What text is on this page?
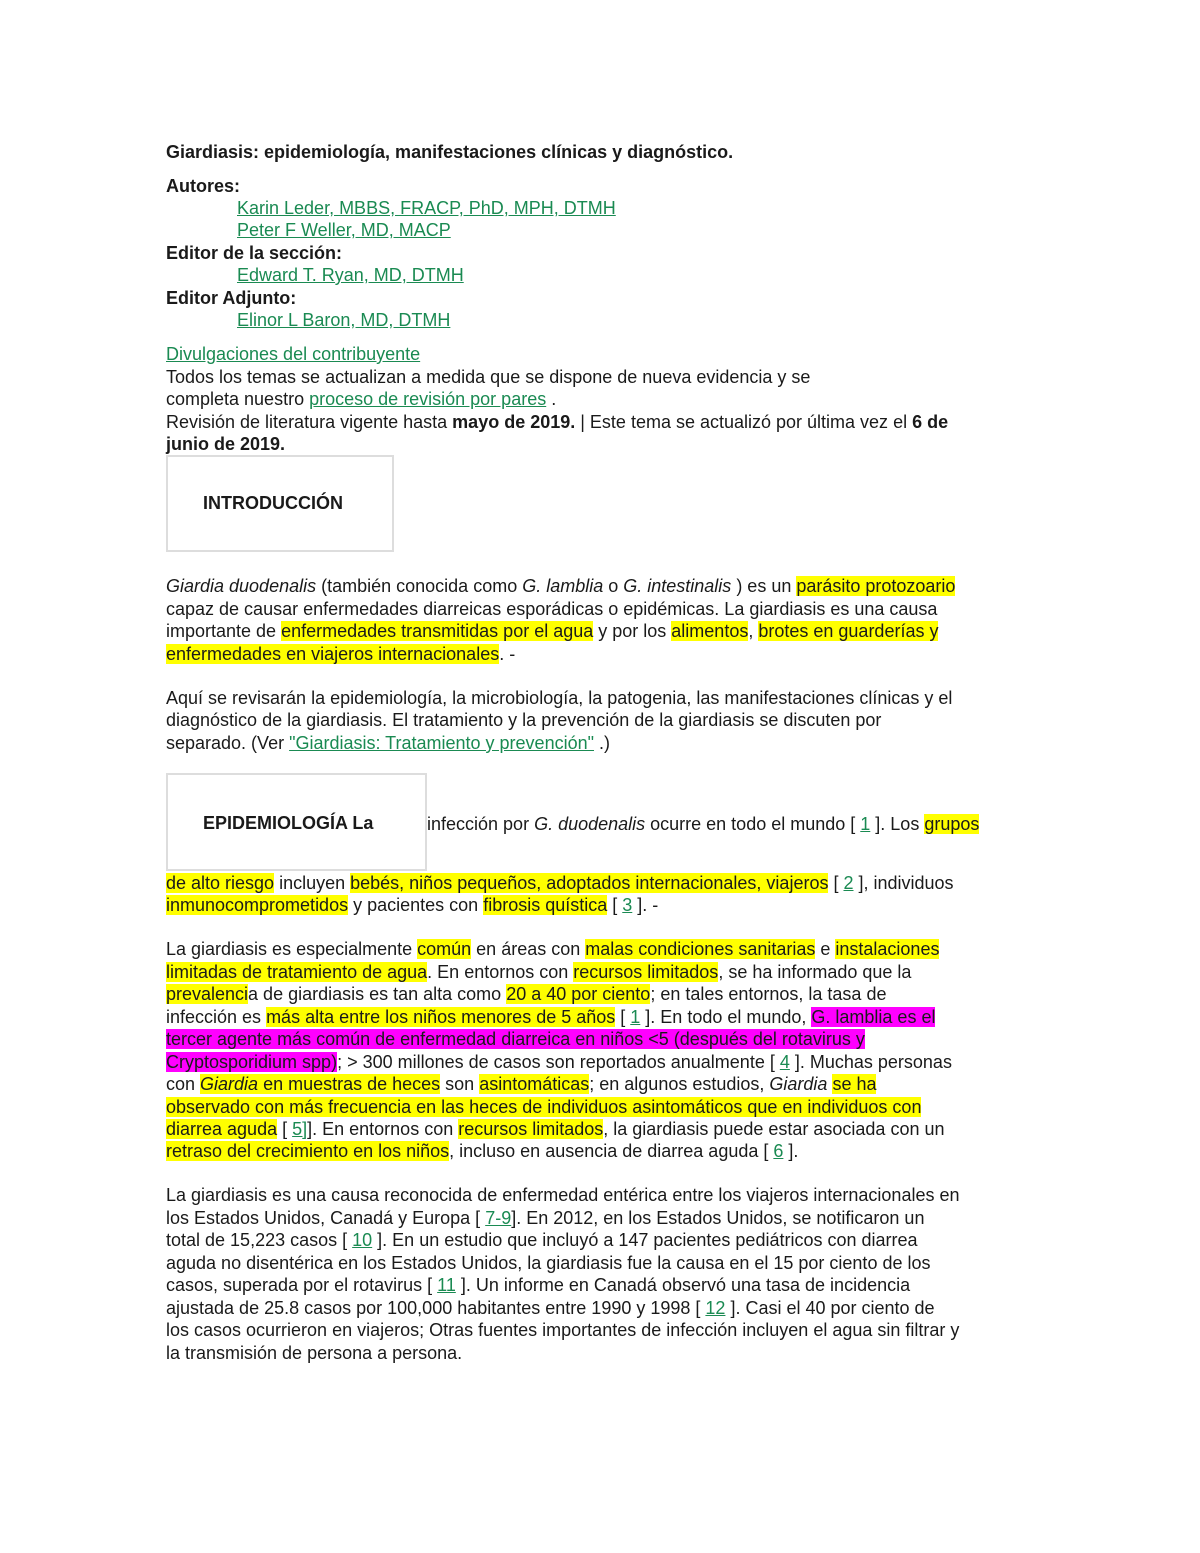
Giardiasis: epidemiología, manifestaciones clínicas y diagnóstico.
Autores:
Karin Leder, MBBS, FRACP, PhD, MPH, DTMH
Peter F Weller, MD, MACP
Editor de la sección:
Edward T. Ryan, MD, DTMH
Editor Adjunto:
Elinor L Baron, MD, DTMH
Divulgaciones del contribuyente
Todos los temas se actualizan a medida que se dispone de nueva evidencia y se
completa nuestro proceso de revisión por pares .
Revisión de literatura vigente hasta mayo de 2019. | Este tema se actualizó por última vez el 6 de
junio de 2019.
INTRODUCCIÓN
Giardia duodenalis (también conocida como G. lamblia o G. intestinalis ) es un parásito protozoario
capaz de causar enfermedades diarreicas esporádicas o epidémicas. La giardiasis es una causa
importante de enfermedades transmitidas por el agua y por los alimentos, brotes en guarderías y
enfermedades en viajeros internacionales. -
Aquí se revisarán la epidemiología, la microbiología, la patogenia, las manifestaciones clínicas y el
diagnóstico de la giardiasis. El tratamiento y la prevención de la giardiasis se discuten por
separado. (Ver "Giardiasis: Tratamiento y prevención" .)
EPIDEMIOLOGÍA La	infección por G. duodenalis ocurre en todo el mundo [ 1 ]. Los grupos
de alto riesgo incluyen bebés, niños pequeños, adoptados internacionales, viajeros [ 2 ], individuos
inmunocomprometidos y pacientes con fibrosis quística [ 3 ]. -
La giardiasis es especialmente común en áreas con malas condiciones sanitarias e instalaciones
limitadas de tratamiento de agua. En entornos con recursos limitados, se ha informado que la
prevalencia de giardiasis es tan alta como 20 a 40 por ciento; en tales entornos, la tasa de
infección es más alta entre los niños menores de 5 años [ 1 ]. En todo el mundo, G. lamblia es el
tercer agente más común de enfermedad diarreica en niños <5 (después del rotavirus y
Cryptosporidium spp); > 300 millones de casos son reportados anualmente [ 4 ]. Muchas personas
con Giardia en muestras de heces son asintomáticas; en algunos estudios, Giardia se ha
observado con más frecuencia en las heces de individuos asintomáticos que en individuos con
diarrea aguda [ 5]]. En entornos con recursos limitados, la giardiasis puede estar asociada con un
retraso del crecimiento en los niños, incluso en ausencia de diarrea aguda [ 6 ].
La giardiasis es una causa reconocida de enfermedad entérica entre los viajeros internacionales en
los Estados Unidos, Canadá y Europa [ 7-9]. En 2012, en los Estados Unidos, se notificaron un
total de 15,223 casos [ 10 ]. En un estudio que incluyó a 147 pacientes pediátricos con diarrea
aguda no disentérica en los Estados Unidos, la giardiasis fue la causa en el 15 por ciento de los
casos, superada por el rotavirus [ 11 ]. Un informe en Canadá observó una tasa de incidencia
ajustada de 25.8 casos por 100,000 habitantes entre 1990 y 1998 [ 12 ]. Casi el 40 por ciento de
los casos ocurrieron en viajeros; Otras fuentes importantes de infección incluyen el agua sin filtrar y
la transmisión de persona a persona.
